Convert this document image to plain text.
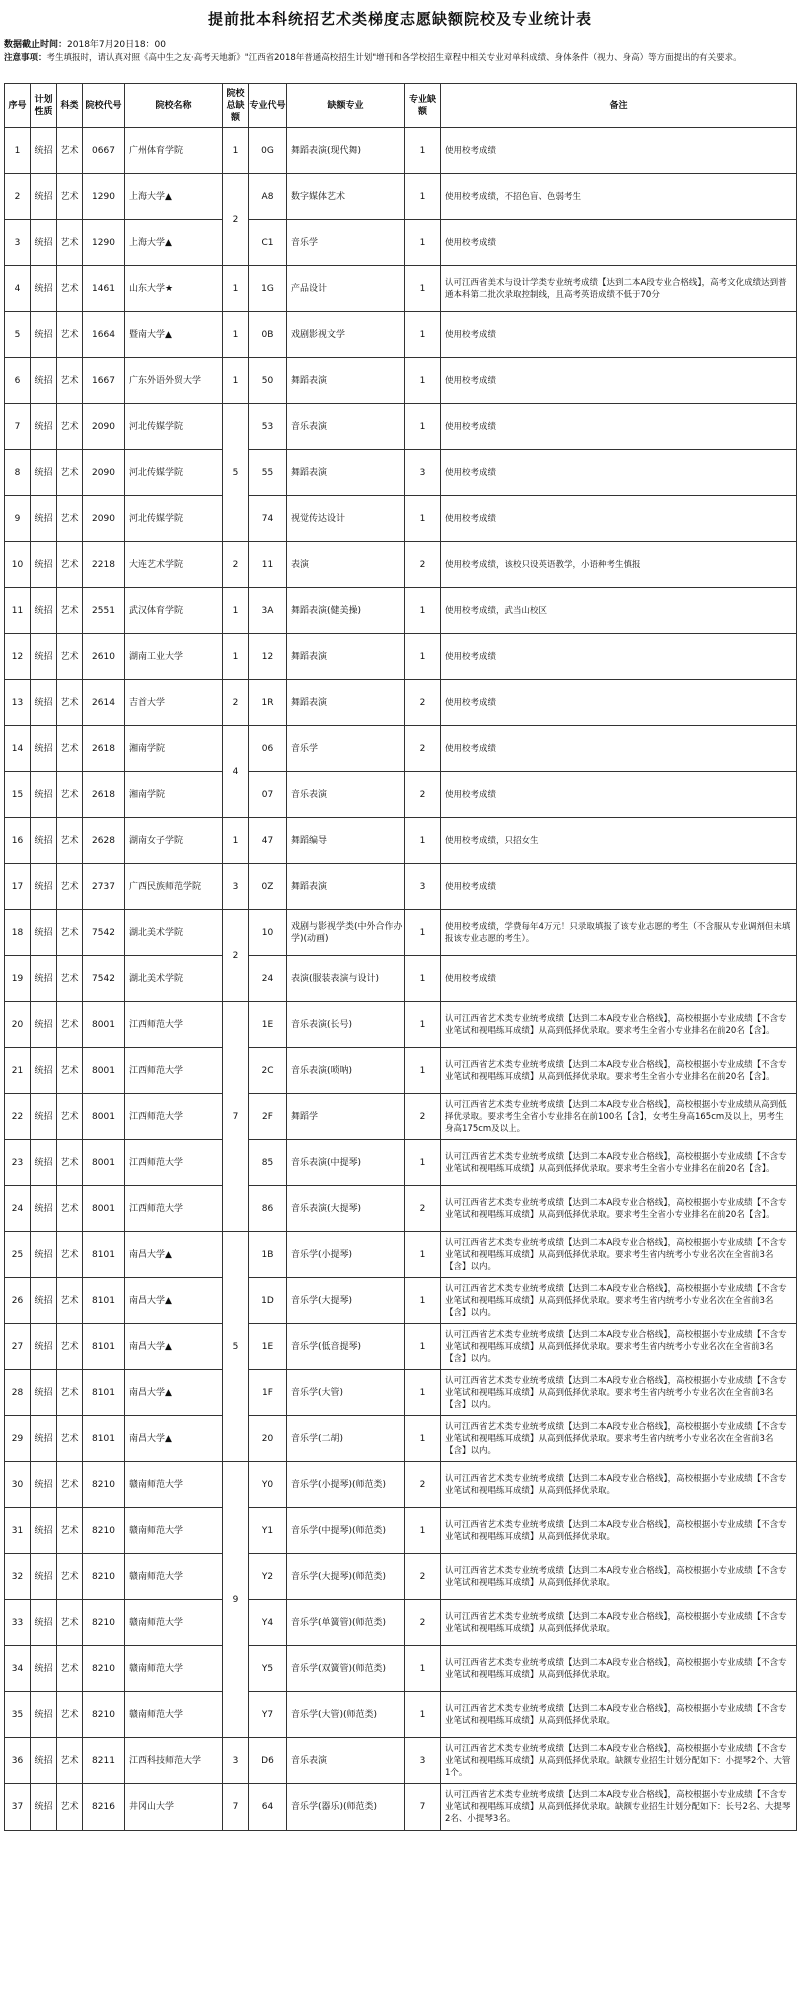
提前批本科统招艺术类梯度志愿缺额院校及专业统计表
数据截止时间：2018年7月20日18：00
注意事项：考生填报时，请认真对照《高中生之友·高考天地新》"江西省2018年普通高校招生计划"增刊和各学校招生章程中相关专业对单科成绩、身体条件（视力、身高）等方面提出的有关要求。
序号	计划性质	科类	院校代号	院校名称	院校总缺额	专业代号	缺额专业	专业缺额	备注
1	统招	艺术	0667	广州体育学院	1	0G	舞蹈表演(现代舞)	1	使用校考成绩
2	统招	艺术	1290	上海大学▲	2	A8	数字媒体艺术	1	使用校考成绩，不招色盲、色弱考生
3	统招	艺术	1290	上海大学▲		C1	音乐学	1	使用校考成绩
4	统招	艺术	1461	山东大学★	1	1G	产品设计	1	认可江西省美术与设计学类专业统考成绩【达到二本A段专业合格线】，高考文化成绩达到普通本科第二批次录取控制线，且高考英语成绩不低于70分
5	统招	艺术	1664	暨南大学▲	1	0B	戏剧影视文学	1	使用校考成绩
6	统招	艺术	1667	广东外语外贸大学	1	50	舞蹈表演	1	使用校考成绩
7	统招	艺术	2090	河北传媒学院	5	53	音乐表演	1	使用校考成绩
8	统招	艺术	2090	河北传媒学院		55	舞蹈表演	3	使用校考成绩
9	统招	艺术	2090	河北传媒学院		74	视觉传达设计	1	使用校考成绩
10	统招	艺术	2218	大连艺术学院	2	11	表演	2	使用校考成绩，该校只设英语教学，小语种考生慎报
11	统招	艺术	2551	武汉体育学院	1	3A	舞蹈表演(健美操)	1	使用校考成绩，武当山校区
12	统招	艺术	2610	湖南工业大学	1	12	舞蹈表演	1	使用校考成绩
13	统招	艺术	2614	吉首大学	2	1R	舞蹈表演	2	使用校考成绩
14	统招	艺术	2618	湘南学院	4	06	音乐学	2	使用校考成绩
15	统招	艺术	2618	湘南学院		07	音乐表演	2	使用校考成绩
16	统招	艺术	2628	湖南女子学院	1	47	舞蹈编导	1	使用校考成绩，只招女生
17	统招	艺术	2737	广西民族师范学院	3	0Z	舞蹈表演	3	使用校考成绩
18	统招	艺术	7542	湖北美术学院	2	10	戏剧与影视学类(中外合作办学)(动画)	1	使用校考成绩，学费每年4万元！只录取填报了该专业志愿的考生（不含服从专业调剂但未填报该专业志愿的考生）。
19	统招	艺术	7542	湖北美术学院		24	表演(服装表演与设计)	1	使用校考成绩
20	统招	艺术	8001	江西师范大学	7	1E	音乐表演(长号)	1	认可江西省艺术类专业统考成绩【达到二本A段专业合格线】，高校根据小专业成绩【不含专业笔试和视唱练耳成绩】从高到低择优录取。要求考生全省小专业排名在前20名【含】。
21	统招	艺术	8001	江西师范大学		2C	音乐表演(唢呐)	1	认可江西省艺术类专业统考成绩【达到二本A段专业合格线】，高校根据小专业成绩【不含专业笔试和视唱练耳成绩】从高到低择优录取。要求考生全省小专业排名在前20名【含】。
22	统招	艺术	8001	江西师范大学		2F	舞蹈学	2	认可江西省艺术类专业统考成绩【达到二本A段专业合格线】，高校根据小专业成绩从高到低择优录取。要求考生全省小专业排名在前100名【含】，女考生身高165cm及以上，男考生身高175cm及以上。
23	统招	艺术	8001	江西师范大学		85	音乐表演(中提琴)	1	认可江西省艺术类专业统考成绩【达到二本A段专业合格线】，高校根据小专业成绩【不含专业笔试和视唱练耳成绩】从高到低择优录取。要求考生全省小专业排名在前20名【含】。
24	统招	艺术	8001	江西师范大学		86	音乐表演(大提琴)	2	认可江西省艺术类专业统考成绩【达到二本A段专业合格线】，高校根据小专业成绩【不含专业笔试和视唱练耳成绩】从高到低择优录取。要求考生全省小专业排名在前20名【含】。
25	统招	艺术	8101	南昌大学▲	5	1B	音乐学(小提琴)	1	认可江西省艺术类专业统考成绩【达到二本A段专业合格线】，高校根据小专业成绩【不含专业笔试和视唱练耳成绩】从高到低择优录取。要求考生省内统考小专业名次在全省前3名【含】以内。
26	统招	艺术	8101	南昌大学▲		1D	音乐学(大提琴)	1	认可江西省艺术类专业统考成绩【达到二本A段专业合格线】，高校根据小专业成绩【不含专业笔试和视唱练耳成绩】从高到低择优录取。要求考生省内统考小专业名次在全省前3名【含】以内。
27	统招	艺术	8101	南昌大学▲		1E	音乐学(低音提琴)	1	认可江西省艺术类专业统考成绩【达到二本A段专业合格线】，高校根据小专业成绩【不含专业笔试和视唱练耳成绩】从高到低择优录取。要求考生省内统考小专业名次在全省前3名【含】以内。
28	统招	艺术	8101	南昌大学▲		1F	音乐学(大管)	1	认可江西省艺术类专业统考成绩【达到二本A段专业合格线】，高校根据小专业成绩【不含专业笔试和视唱练耳成绩】从高到低择优录取。要求考生省内统考小专业名次在全省前3名【含】以内。
29	统招	艺术	8101	南昌大学▲		20	音乐学(二胡)	1	认可江西省艺术类专业统考成绩【达到二本A段专业合格线】，高校根据小专业成绩【不含专业笔试和视唱练耳成绩】从高到低择优录取。要求考生省内统考小专业名次在全省前3名【含】以内。
30	统招	艺术	8210	赣南师范大学	9	Y0	音乐学(小提琴)(师范类)	2	认可江西省艺术类专业统考成绩【达到二本A段专业合格线】，高校根据小专业成绩【不含专业笔试和视唱练耳成绩】从高到低择优录取。
31	统招	艺术	8210	赣南师范大学		Y1	音乐学(中提琴)(师范类)	1	认可江西省艺术类专业统考成绩【达到二本A段专业合格线】，高校根据小专业成绩【不含专业笔试和视唱练耳成绩】从高到低择优录取。
32	统招	艺术	8210	赣南师范大学		Y2	音乐学(大提琴)(师范类)	2	认可江西省艺术类专业统考成绩【达到二本A段专业合格线】，高校根据小专业成绩【不含专业笔试和视唱练耳成绩】从高到低择优录取。
33	统招	艺术	8210	赣南师范大学		Y4	音乐学(单簧管)(师范类)	2	认可江西省艺术类专业统考成绩【达到二本A段专业合格线】，高校根据小专业成绩【不含专业笔试和视唱练耳成绩】从高到低择优录取。
34	统招	艺术	8210	赣南师范大学		Y5	音乐学(双簧管)(师范类)	1	认可江西省艺术类专业统考成绩【达到二本A段专业合格线】，高校根据小专业成绩【不含专业笔试和视唱练耳成绩】从高到低择优录取。
35	统招	艺术	8210	赣南师范大学		Y7	音乐学(大管)(师范类)	1	认可江西省艺术类专业统考成绩【达到二本A段专业合格线】，高校根据小专业成绩【不含专业笔试和视唱练耳成绩】从高到低择优录取。
36	统招	艺术	8211	江西科技师范大学	3	D6	音乐表演	3	认可江西省艺术类专业统考成绩【达到二本A段专业合格线】，高校根据小专业成绩【不含专业笔试和视唱练耳成绩】从高到低择优录取。缺额专业招生计划分配如下：小提琴2个、大管1个。
37	统招	艺术	8216	井冈山大学	7	64	音乐学(器乐)(师范类)	7	认可江西省艺术类专业统考成绩【达到二本A段专业合格线】，高校根据小专业成绩【不含专业笔试和视唱练耳成绩】从高到低择优录取。缺额专业招生计划分配如下：长号2名、大提琴2名、小提琴3名。
